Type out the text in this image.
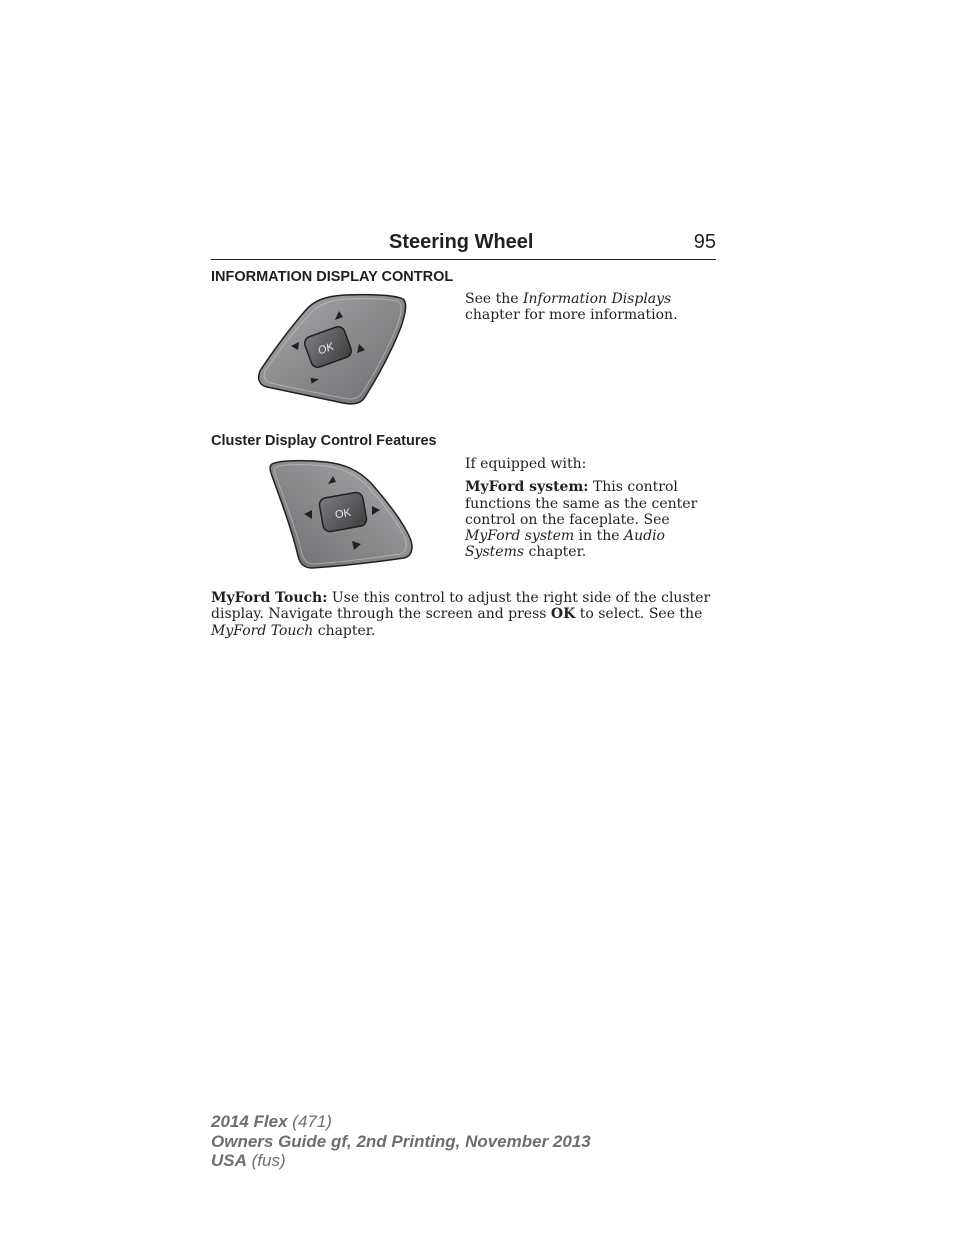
Steering Wheel	95
INFORMATION DISPLAY CONTROL
OK

See the Information Displays
chapter for more information.

Cluster Display Control Features
OK

If equipped with:

MyFord system: This control functions the same as the center control on the faceplate. See MyFord system in the Audio Systems chapter.

MyFord Touch: Use this control to adjust the right side of the cluster display. Navigate through the screen and press OK to select. See the MyFord Touch chapter.

2014 Flex (471)
Owners Guide gf, 2nd Printing, November 2013
USA (fus)
